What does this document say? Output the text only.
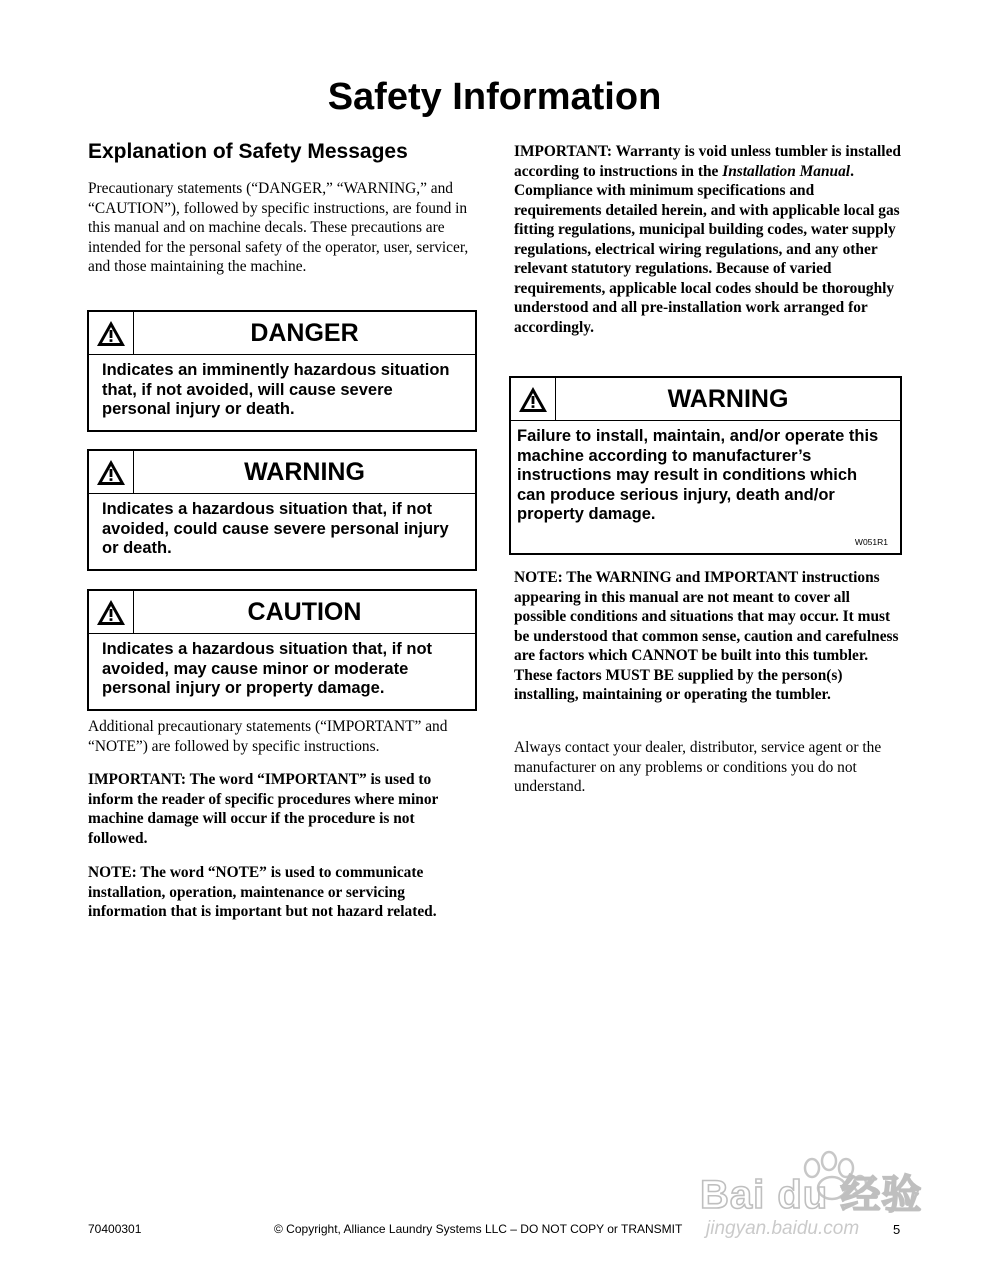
Safety Information
Explanation of Safety Messages

Precautionary statements (“DANGER,” “WARNING,” and “CAUTION”), followed by specific instructions, are found in this manual and on machine decals. These precautions are intended for the personal safety of the operator, user, servicer, and those maintaining the machine.

DANGER
Indicates an imminently hazardous situation that, if not avoided, will cause severe personal injury or death.
WARNING
Indicates a hazardous situation that, if not avoided, could cause severe personal injury or death.
CAUTION
Indicates a hazardous situation that, if not avoided, may cause minor or moderate personal injury or property damage.

Additional precautionary statements (“IMPORTANT” and “NOTE”) are followed by specific instructions.

IMPORTANT: The word “IMPORTANT” is used to inform the reader of specific procedures where minor machine damage will occur if the procedure is not followed.

NOTE: The word “NOTE” is used to communicate installation, operation, maintenance or servicing information that is important but not hazard related.

IMPORTANT: Warranty is void unless tumbler is installed according to instructions in the Installation Manual. Compliance with minimum specifications and requirements detailed herein, and with applicable local gas fitting regulations, municipal building codes, water supply regulations, electrical wiring regulations, and any other relevant statutory regulations. Because of varied requirements, applicable local codes should be thoroughly understood and all pre-installation work arranged for accordingly.

WARNING
Failure to install, maintain, and/or operate this machine according to manufacturer’s instructions may result in conditions which can produce serious injury, death and/or property damage.
W051R1

NOTE: The WARNING and IMPORTANT instructions appearing in this manual are not meant to cover all possible conditions and situations that may occur. It must be understood that common sense, caution and carefulness are factors which CANNOT be built into this tumbler. These factors MUST BE supplied by the person(s) installing, maintaining or operating the tumbler.

Always contact your dealer, distributor, service agent or the manufacturer on any problems or conditions you do not understand.

70400301	© Copyright, Alliance Laundry Systems LLC – DO NOT COPY or TRANSMIT	5
Bai du 经验
jingyan.baidu.com
